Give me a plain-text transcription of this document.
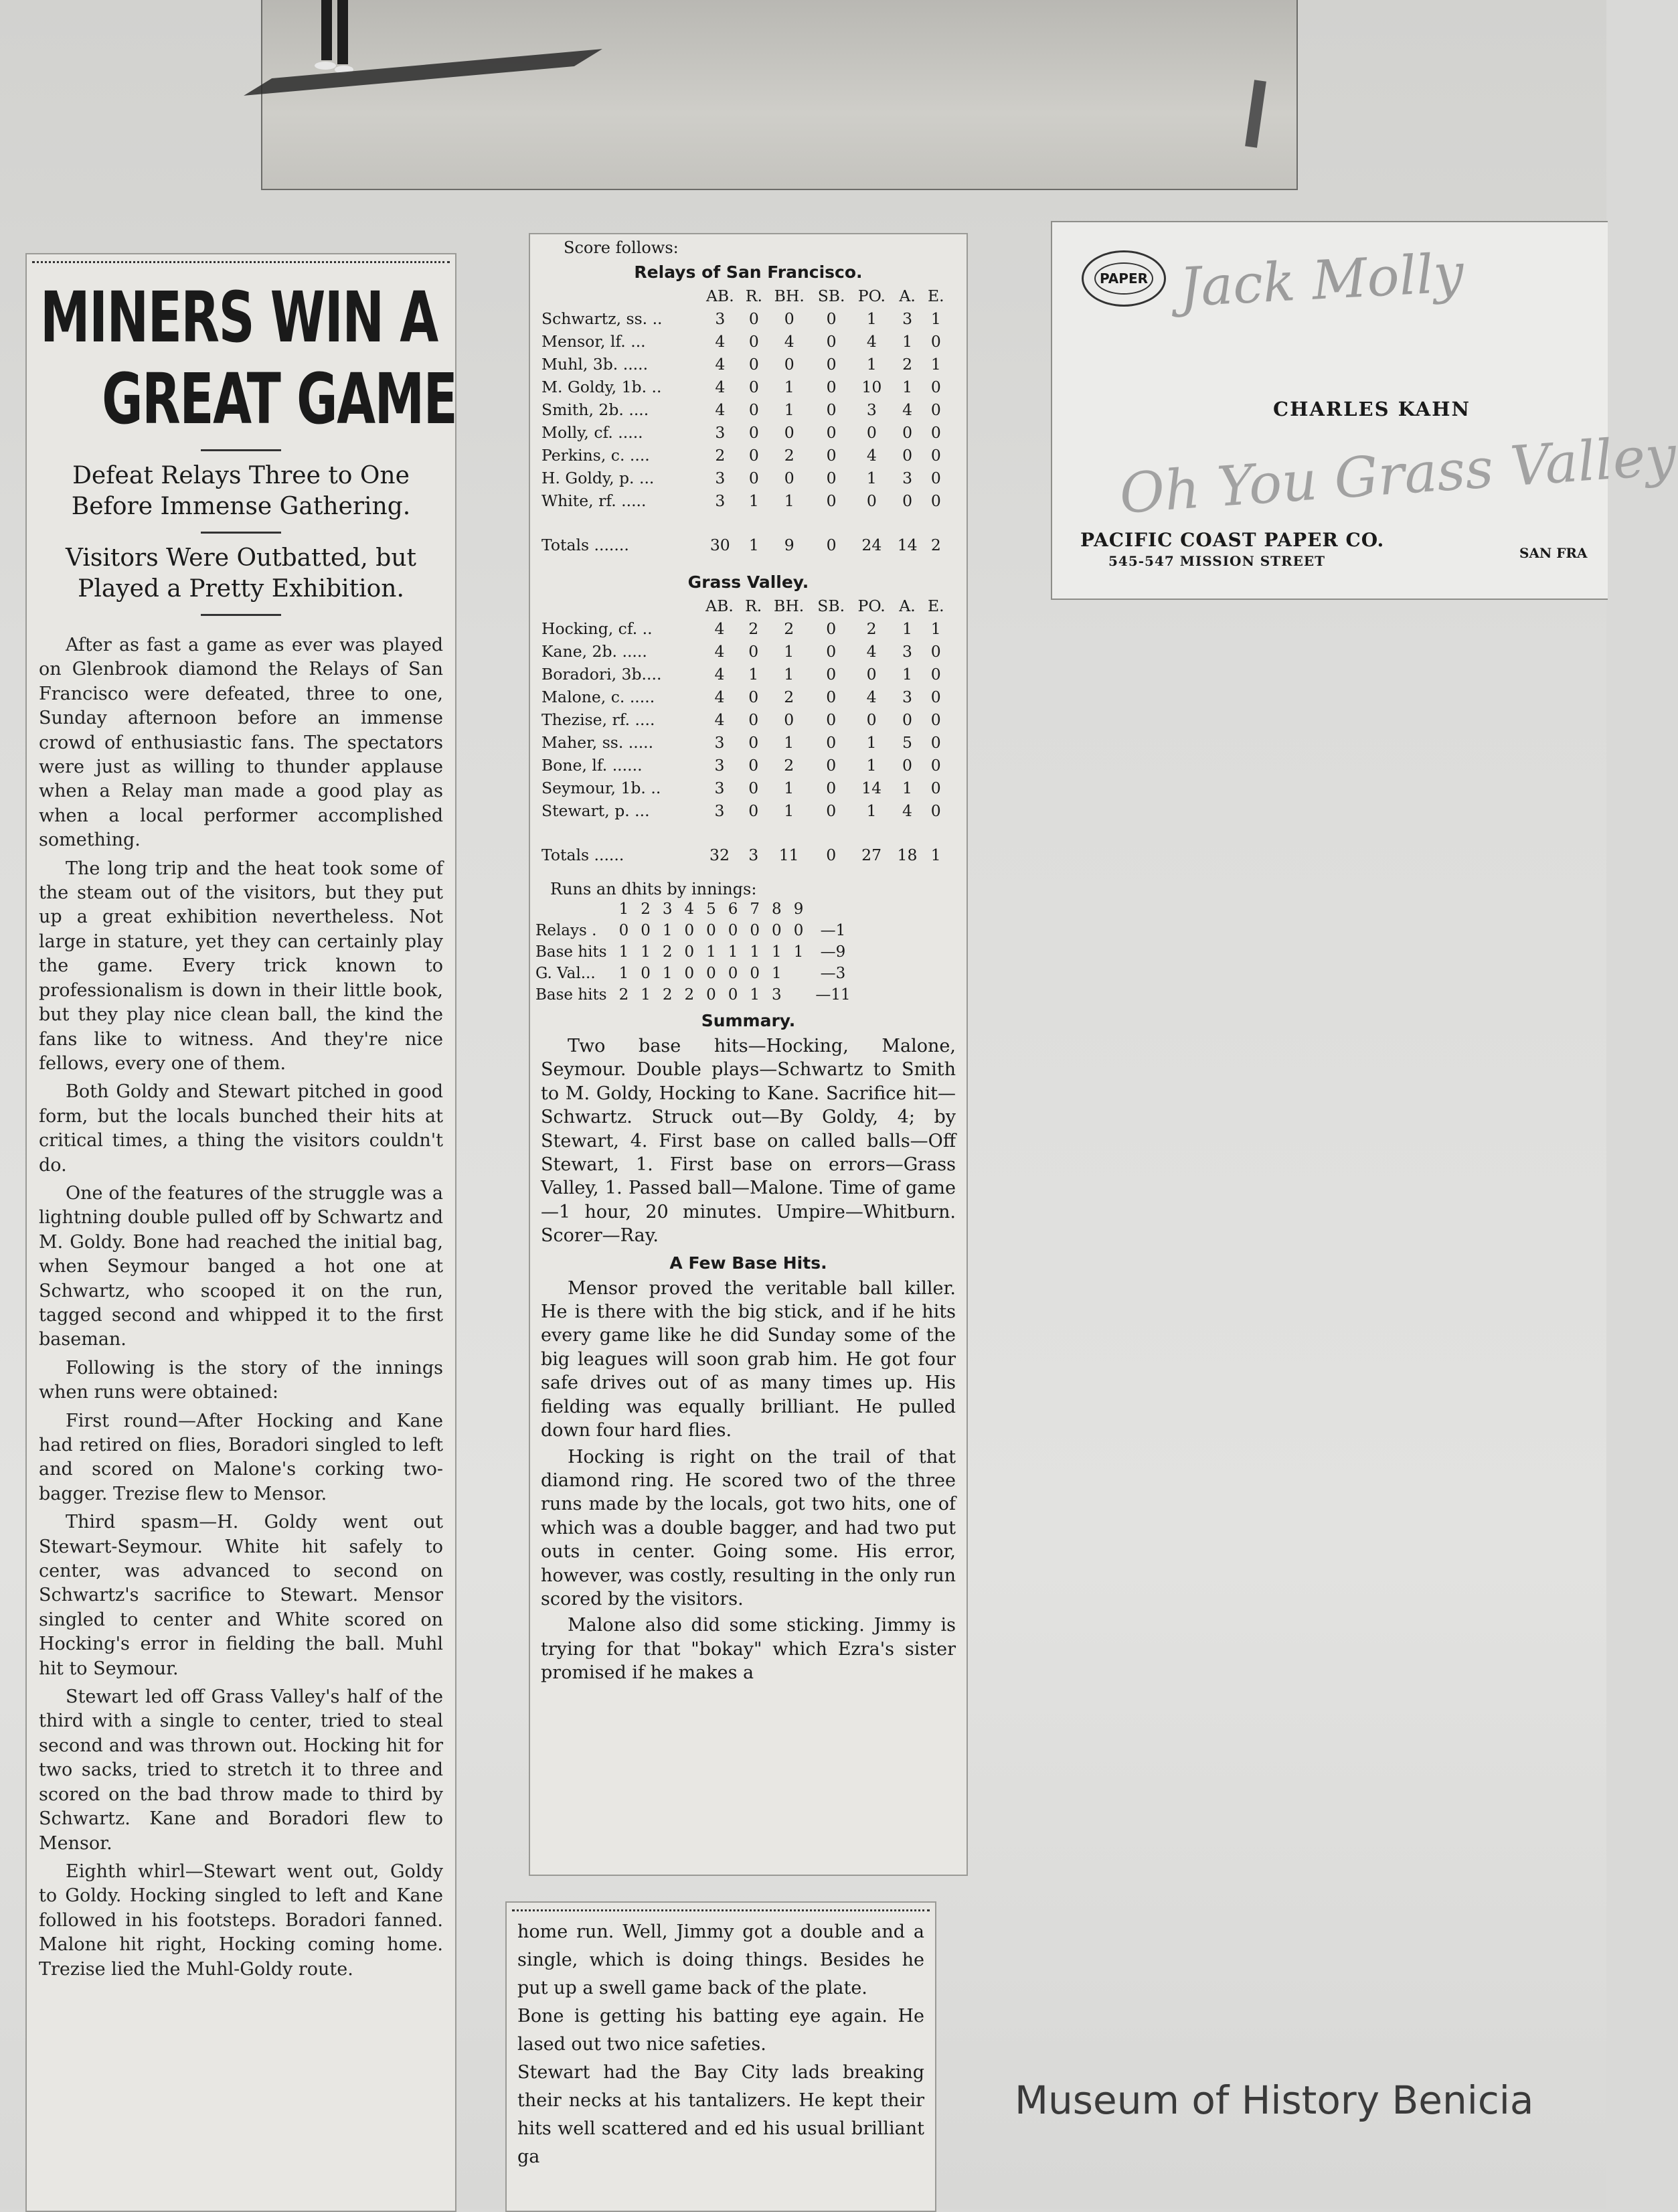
MINERS WIN A
GREAT GAME
Defeat Relays Three to One Before Immense Gathering.
Visitors Were Outbatted, but Played a Pretty Exhibition.

After as fast a game as ever was played on Glenbrook diamond the Relays of San Francisco were defeated, three to one, Sunday afternoon before an immense crowd of enthusiastic fans. The spectators were just as willing to thunder applause when a Relay man made a good play as when a local performer accomplished something.

The long trip and the heat took some of the steam out of the visitors, but they put up a great exhibition nevertheless. Not large in stature, yet they can certainly play the game. Every trick known to professionalism is down in their little book, but they play nice clean ball, the kind the fans like to witness. And they're nice fellows, every one of them.

Both Goldy and Stewart pitched in good form, but the locals bunched their hits at critical times, a thing the visitors couldn't do.

One of the features of the struggle was a lightning double pulled off by Schwartz and M. Goldy. Bone had reached the initial bag, when Seymour banged a hot one at Schwartz, who scooped it on the run, tagged second and whipped it to the first baseman.

Following is the story of the innings when runs were obtained:

First round—After Hocking and Kane had retired on flies, Boradori singled to left and scored on Malone's corking two-bagger. Trezise flew to Mensor.

Third spasm—H. Goldy went out Stewart-Seymour. White hit safely to center, was advanced to second on Schwartz's sacrifice to Stewart. Mensor singled to center and White scored on Hocking's error in fielding the ball. Muhl hit to Seymour.

Stewart led off Grass Valley's half of the third with a single to center, tried to steal second and was thrown out. Hocking hit for two sacks, tried to stretch it to three and scored on the bad throw made to third by Schwartz. Kane and Boradori flew to Mensor.

Eighth whirl—Stewart went out, Goldy to Goldy. Hocking singled to left and Kane followed in his footsteps. Boradori fanned. Malone hit right, Hocking coming home. Trezise lied the Muhl-Goldy route.

Score follows:
Relays of San Francisco.
	AB.	R.	BH.	SB.	PO.	A.	E.
Schwartz, ss. ..	3	0	0	0	1	3	1
Mensor, lf. ...	4	0	4	0	4	1	0
Muhl, 3b. .....	4	0	0	0	1	2	1
M. Goldy, 1b. ..	4	0	1	0	10	1	0
Smith, 2b. ....	4	0	1	0	3	4	0
Molly, cf. .....	3	0	0	0	0	0	0
Perkins, c. ....	2	0	2	0	4	0	0
H. Goldy, p. ...	3	0	0	0	1	3	0
White, rf. .....	3	1	1	0	0	0	0
Totals .......	30	1	9	0	24	14	2
Grass Valley.
	AB.	R.	BH.	SB.	PO.	A.	E.
Hocking, cf. ..	4	2	2	0	2	1	1
Kane, 2b. .....	4	0	1	0	4	3	0
Boradori, 3b....	4	1	1	0	0	1	0
Malone, c. .....	4	0	2	0	4	3	0
Thezise, rf. ....	4	0	0	0	0	0	0
Maher, ss. .....	3	0	1	0	1	5	0
Bone, lf. ......	3	0	2	0	1	0	0
Seymour, 1b. ..	3	0	1	0	14	1	0
Stewart, p. ...	3	0	1	0	1	4	0
Totals ......	32	3	11	0	27	18	1
Runs an dhits by innings:
	1	2	3	4	5	6	7	8	9	
Relays .	0	0	1	0	0	0	0	0	0	—1
Base hits	1	1	2	0	1	1	1	1	1	—9
G. Val...	1	0	1	0	0	0	0	1		—3
Base hits	2	1	2	2	0	0	1	3		—11
Summary.

Two base hits—Hocking, Malone, Seymour. Double plays—Schwartz to Smith to M. Goldy, Hocking to Kane. Sacrifice hit—Schwartz. Struck out—By Goldy, 4; by Stewart, 4. First base on called balls—Off Stewart, 1. First base on errors—Grass Valley, 1. Passed ball—Malone. Time of game—1 hour, 20 minutes. Umpire—Whitburn. Scorer—Ray.

A Few Base Hits.

Mensor proved the veritable ball killer. He is there with the big stick, and if he hits every game like he did Sunday some of the big leagues will soon grab him. He got four safe drives out of as many times up. His fielding was equally brilliant. He pulled down four hard flies.

Hocking is right on the trail of that diamond ring. He scored two of the three runs made by the locals, got two hits, one of which was a double bagger, and had two put outs in center. Going some. His error, however, was costly, resulting in the only run scored by the visitors.

Malone also did some sticking. Jimmy is trying for that "bokay" which Ezra's sister promised if he makes a

home run. Well, Jimmy got a double and a single, which is doing things. Besides he put up a swell game back of the plate.

Bone is getting his batting eye again. He lased out two nice safeties.

Stewart had the Bay City lads breaking their necks at his tantalizers. He kept their hits well scattered and ed his usual brilliant ga

PAPER Jack Molly
CHARLES KAHN
Oh You Grass Valley
PACIFIC COAST PAPER CO.
545-547 MISSION STREET	SAN FRA
Museum of History Benicia
